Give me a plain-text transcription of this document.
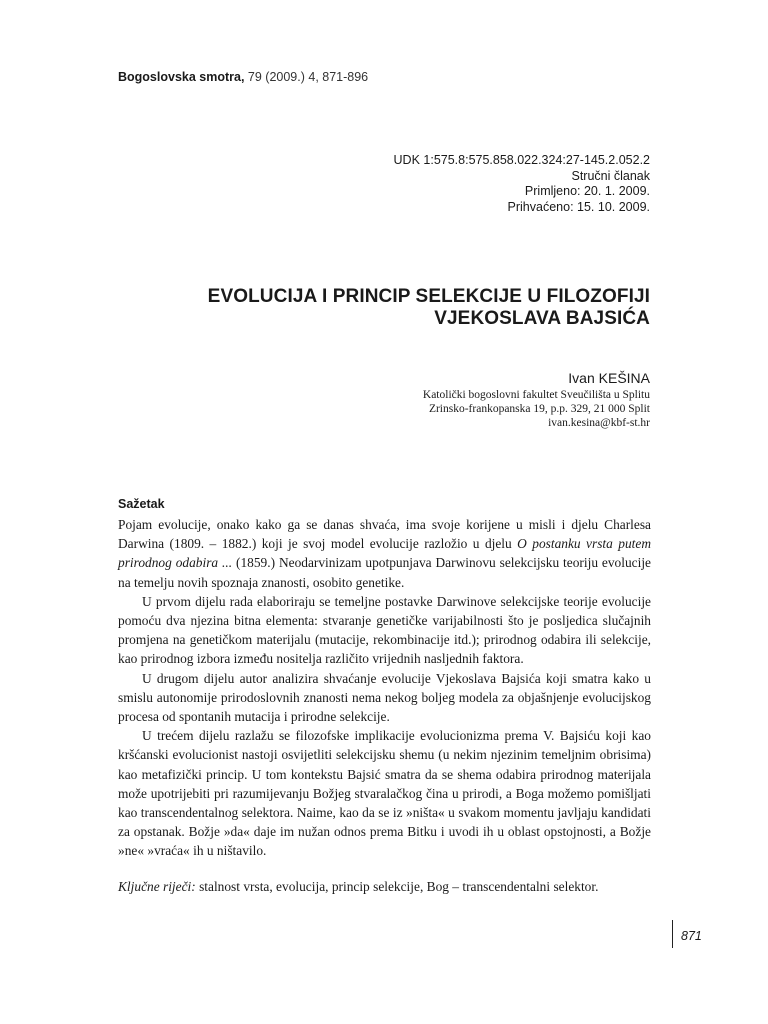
Bogoslovska smotra, 79 (2009.) 4, 871-896
UDK 1:575.8:575.858.022.324:27-145.2.052.2
Stručni članak
Primljeno: 20. 1. 2009.
Prihvaćeno: 15. 10. 2009.
EVOLUCIJA I PRINCIP SELEKCIJE U FILOZOFIJI
VJEKOSLAVA BAJSIĆA
Ivan KEŠINA
Katolički bogoslovni fakultet Sveučilišta u Splitu
Zrinsko-frankopanska 19, p.p. 329, 21 000 Split
ivan.kesina@kbf-st.hr
Sažetak

Pojam evolucije, onako kako ga se danas shvaća, ima svoje korijene u misli i djelu Charlesa Darwina (1809. – 1882.) koji je svoj model evolucije razložio u djelu O postanku vrsta putem prirodnog odabira ... (1859.) Neodarvinizam upotpunjava Darwinovu selekcijsku teoriju evolucije na temelju novih spoznaja znanosti, osobito genetike.

U prvom dijelu rada elaboriraju se temeljne postavke Darwinove selekcijske teorije evolucije pomoću dva njezina bitna elementa: stvaranje genetičke varijabilnosti što je posljedica slučajnih promjena na genetičkom materijalu (mutacije, rekombinacije itd.); prirodnog odabira ili selekcije, kao prirodnog izbora između nositelja različito vrijednih nasljednih faktora.

U drugom dijelu autor analizira shvaćanje evolucije Vjekoslava Bajsića koji smatra kako u smislu autonomije prirodoslovnih znanosti nema nekog boljeg modela za objašnjenje evolucijskog procesa od spontanih mutacija i prirodne selekcije.

U trećem dijelu razlažu se filozofske implikacije evolucionizma prema V. Bajsiću koji kao kršćanski evolucionist nastoji osvijetliti selekcijsku shemu (u nekim njezinim temeljnim obrisima) kao metafizički princip. U tom kontekstu Bajsić smatra da se shema odabira prirodnog materijala može upotrijebiti pri razumijevanju Božjeg stvaralačkog čina u prirodi, a Boga možemo pomišljati kao transcendentalnog selektora. Naime, kao da se iz »ništa« u svakom momentu javljaju kandidati za opstanak. Božje »da« daje im nužan odnos prema Bitku i uvodi ih u oblast opstojnosti, a Božje »ne« »vraća« ih u ništavilo.

Ključne riječi: stalnost vrsta, evolucija, princip selekcije, Bog – transcendentalni selektor.
871
